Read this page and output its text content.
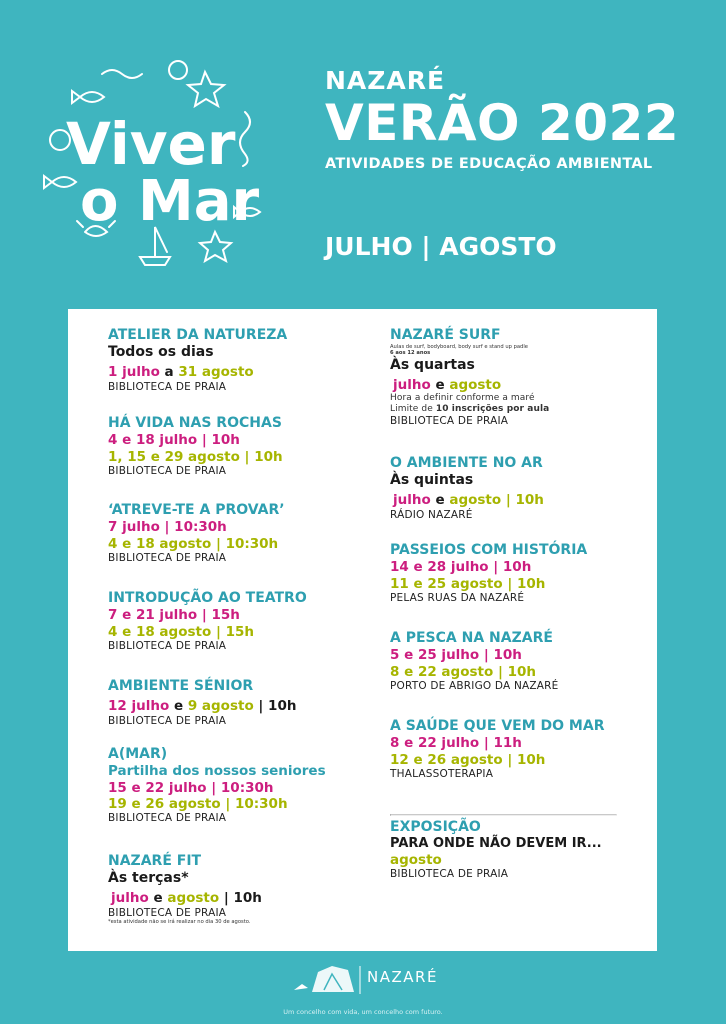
Viver
o Mar
NAZARÉ
VERÃO 2022
ATIVIDADES DE EDUCAÇÃO AMBIENTAL
JULHO | AGOSTO
ATELIER DA NATUREZA
Todos os dias
1 julho a 31 agosto
BIBLIOTECA DE PRAIA
HÁ VIDA NAS ROCHAS
4 e 18 julho | 10h
1, 15 e 29 agosto | 10h
BIBLIOTECA DE PRAIA
‘ATREVE-TE A PROVAR’
7 julho | 10:30h
4 e 18 agosto | 10:30h
BIBLIOTECA DE PRAIA
INTRODUÇÃO AO TEATRO
7 e 21 julho | 15h
4 e 18 agosto | 15h
BIBLIOTECA DE PRAIA
AMBIENTE SÉNIOR
12 julho e 9 agosto | 10h
BIBLIOTECA DE PRAIA
A(MAR)
Partilha dos nossos seniores
15 e 22 julho | 10:30h
19 e 26 agosto | 10:30h
BIBLIOTECA DE PRAIA
NAZARÉ FIT
Às terças*
julho e agosto | 10h
BIBLIOTECA DE PRAIA
*esta atividade não se irá realizar no dia 30 de agosto.
NAZARÉ SURF
Aulas de surf, bodyboard, body surf e stand up padle
6 aos 12 anos
Às quartas
julho e agosto
Hora a definir conforme a maré
Limite de 10 inscrições por aula
BIBLIOTECA DE PRAIA
O AMBIENTE NO AR
Às quintas
julho e agosto | 10h
RÁDIO NAZARÉ
PASSEIOS COM HISTÓRIA
14 e 28 julho | 10h
11 e 25 agosto | 10h
PELAS RUAS DA NAZARÉ
A PESCA NA NAZARÉ
5 e 25 julho | 10h
8 e 22 agosto | 10h
PORTO DE ABRIGO DA NAZARÉ
A SAÚDE QUE VEM DO MAR
8 e 22 julho | 11h
12 e 26 agosto | 10h
THALASSOTERAPIA
EXPOSIÇÃO
PARA ONDE NÃO DEVEM IR...
agosto
BIBLIOTECA DE PRAIA
NAZARÉ
Um concelho com vida, um concelho com futuro.
